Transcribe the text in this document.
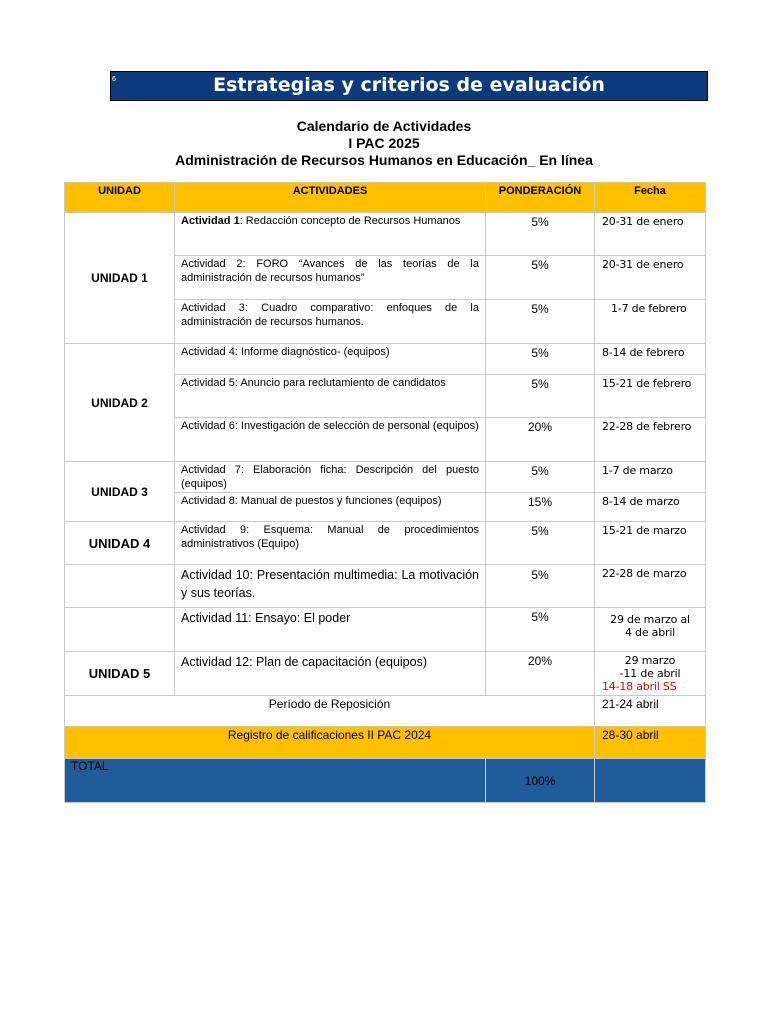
6	Estrategias y criterios de evaluación
Calendario de Actividades
I PAC 2025
Administración de Recursos Humanos en Educación_ En línea
UNIDAD	ACTIVIDADES	PONDERACIÓN	Fecha
UNIDAD 1	Actividad 1: Redacción concepto de Recursos Humanos	5%	20-31 de enero
	Actividad 2: FORO “Avances de las teorías de la administración de recursos humanos”	5%	20-31 de enero
	Actividad 3: Cuadro comparativo: enfoques de la administración de recursos humanos.	5%	1-7 de febrero
UNIDAD 2	Actividad 4: Informe diagnóstico- (equipos)	5%	8-14 de febrero
	Actividad 5: Anuncio para reclutamiento de candidatos	5%	15-21 de febrero
	Actividad 6: Investigación de selección de personal (equipos)	20%	22-28 de febrero
UNIDAD 3	Actividad 7: Elaboración ficha: Descripción del puesto (equipos)	5%	1-7 de marzo
	Actividad 8: Manual de puestos y funciones (equipos)	15%	8-14 de marzo
UNIDAD 4	Actividad 9: Esquema: Manual de procedimientos administrativos (Equipo)	5%	15-21 de marzo
	Actividad 10: Presentación multimedia: La motivación y sus teorías.	5%	22-28 de marzo
	Actividad 11: Ensayo: El poder	5%	29 de marzo al
4 de abril

UNIDAD 5	Actividad 12: Plan de capacitación (equipos)	20%	29 marzo
-11 de abril
14-18 abril SS

Período de Reposición			21-24 abril
Registro de calificaciones II PAC 2024			28-30 abril
TOTAL		100%	
